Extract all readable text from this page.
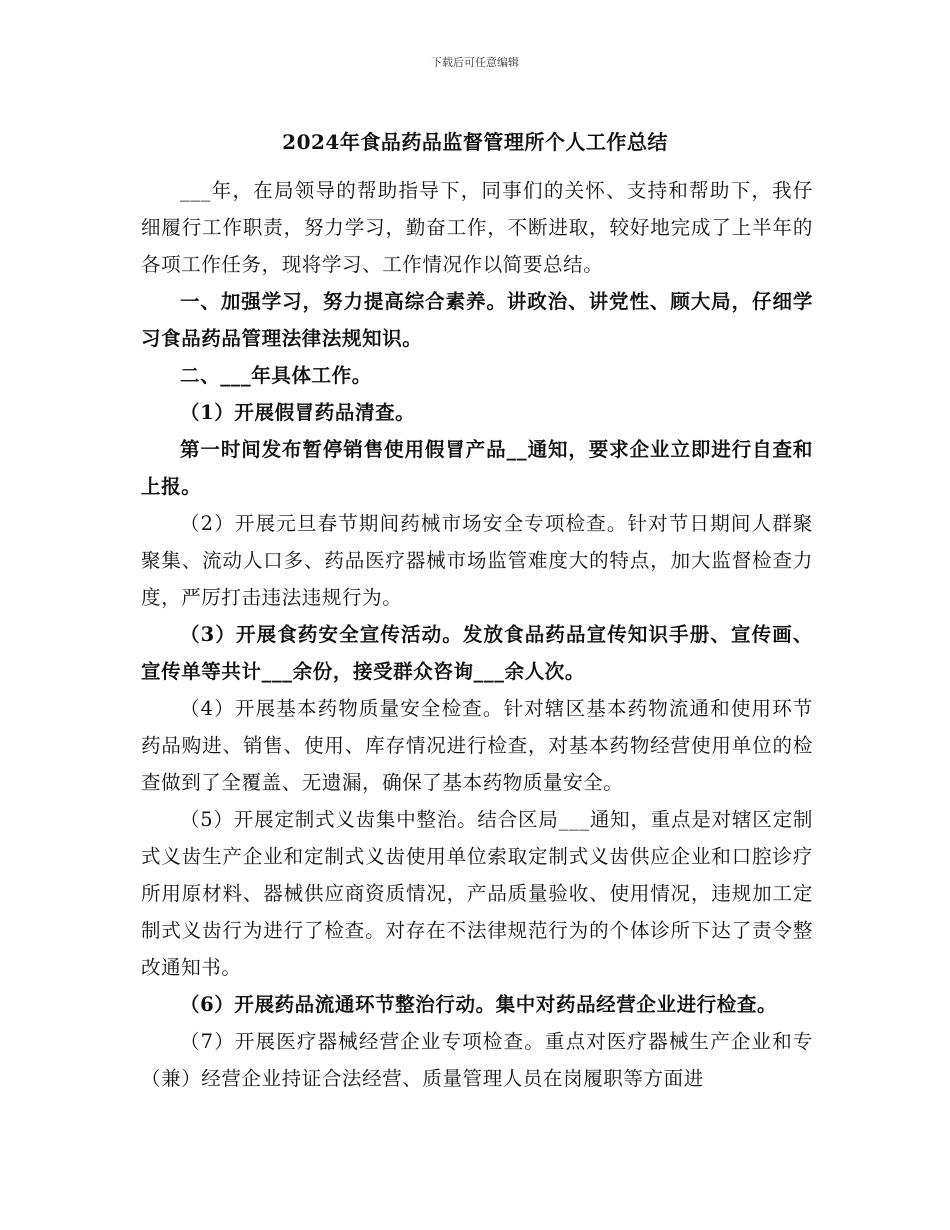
下载后可任意编辑
2024年食品药品监督管理所个人工作总结

___年，在局领导的帮助指导下，同事们的关怀、支持和帮助下，我仔细履行工作职责，努力学习，勤奋工作，不断进取，较好地完成了上半年的各项工作任务，现将学习、工作情况作以简要总结。

一、加强学习，努力提高综合素养。讲政治、讲党性、顾大局，仔细学习食品药品管理法律法规知识。

二、___年具体工作。

（1）开展假冒药品清查。

第一时间发布暂停销售使用假冒产品__通知，要求企业立即进行自查和上报。

（2）开展元旦春节期间药械市场安全专项检查。针对节日期间人群聚聚集、流动人口多、药品医疗器械市场监管难度大的特点，加大监督检查力度，严厉打击违法违规行为。

（3）开展食药安全宣传活动。发放食品药品宣传知识手册、宣传画、宣传单等共计___余份，接受群众咨询___余人次。

（4）开展基本药物质量安全检查。针对辖区基本药物流通和使用环节药品购进、销售、使用、库存情况进行检查，对基本药物经营使用单位的检查做到了全覆盖、无遗漏，确保了基本药物质量安全。

（5）开展定制式义齿集中整治。结合区局___通知，重点是对辖区定制式义齿生产企业和定制式义齿使用单位索取定制式义齿供应企业和口腔诊疗所用原材料、器械供应商资质情况，产品质量验收、使用情况，违规加工定制式义齿行为进行了检查。对存在不法律规范行为的个体诊所下达了责令整改通知书。

（6）开展药品流通环节整治行动。集中对药品经营企业进行检查。

（7）开展医疗器械经营企业专项检查。重点对医疗器械生产企业和专（兼）经营企业持证合法经营、质量管理人员在岗履职等方面进
